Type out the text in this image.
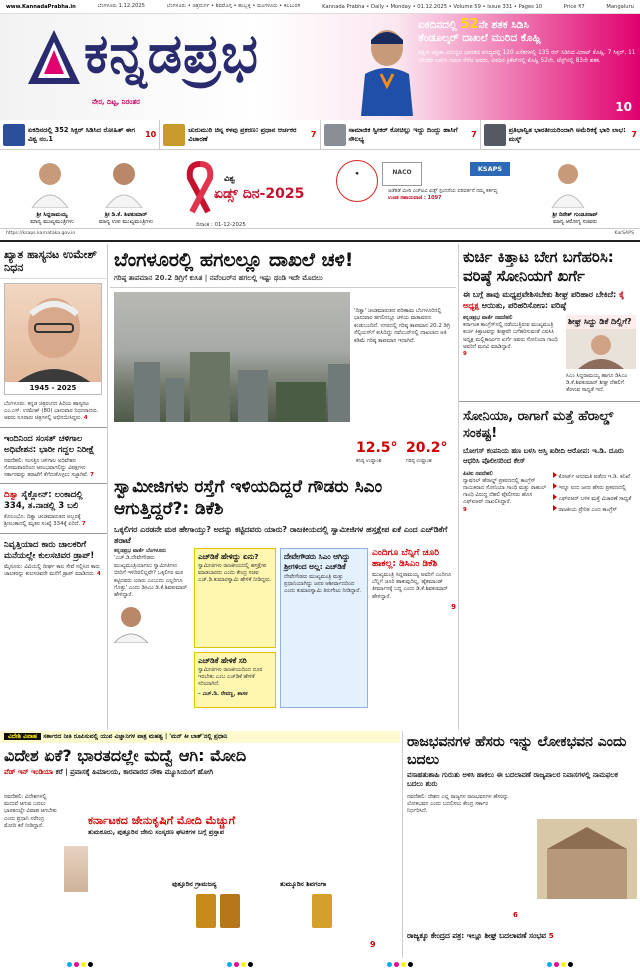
www.KannadaPrabha.in	ಬೆಂಗಳೂರು 1.12.2025	ಬೆಂಗಳೂರು • ಚಿತ್ರದುರ್ಗ • ಶಿವಮೊಗ್ಗ • ಹುಬ್ಬಳ್ಳಿ • ಮಂಗಳೂರು • ಕಲಬುರಗಿ	Kannada Prabha • Daily • Monday • 01.12.2025 • Volume 59 • Issue 331 • Pages 10	Price ₹7	Mangaluru
ಕನ್ನಡಪ್ರಭ
ನೇರ, ದಿಟ್ಟ, ನಿರಂತರ
ಏಕದಿನದಲ್ಲಿ 52ನೇ ಶತಕ ಸಿಡಿಸಿ
ತೆಂಡೂಲ್ಕರ್ ದಾಖಲೆ ಮುರಿದ ಕೊಹ್ಲಿ
ದಕ್ಷಿಣ ಆಫ್ರಿಕಾ ವಿರುದ್ಧದ ಭಾರತದ ಪಂದ್ಯದಲ್ಲಿ 120 ಎಸೆತಗಳಲ್ಲಿ 135 ರನ್ ಸಿಡಿಸಿದ ವಿರಾಟ್ ಕೊಹ್ಲಿ. 7 ಸಿಕ್ಸರ್, 11 ಬೌಂಡರಿ ಬಾರಿಸಿ ಗಮನ ಸೆಳೆದ ಅವರು. ಏಕದಿನ ಕ್ರಿಕೆಟ್‌ನಲ್ಲಿ ಕೊಹ್ಲಿ 52ನೇ, ಟೆಸ್ಟ್‌ನಲ್ಲಿ 83ನೇ ಶತಕ.
10
ಏಕದಿನದಲ್ಲಿ 352 ಸಿಕ್ಸರ್ ಸಿಡಿಸಿದ ರೋಹಿತ್ ಈಗ ವಿಶ್ವ ನಂ.1	10
ಚುರುಮುರಿ ಚಿನ್ನ ಕಳವು ಪ್ರಕರಣ: ಪ್ರಧಾನ ಆರ್ಚಕರ ವಿಚಾರಣೆ	7
ಸಾಮಾಜಿಕ ಸ್ವೀಕರ್ ಕೋಚಿಲ್ಲು ಇದ್ದು ದಿಂದ್ಬು ಹಾಸಿಗೆ ಸೌಲಭ್ಯ	7
ಪ್ರತಿಭಾನ್ವಿತ ಭಾರತೀಯರಿಂದಾಗಿ ಅಮೆರಿಕಕ್ಕೆ ಭಾರಿ ಲಾಭ: ಮಸ್ಕ್	7
ಶ್ರೀ ಸಿದ್ದರಾಮಯ್ಯ
ಮಾನ್ಯ ಮುಖ್ಯಮಂತ್ರಿಗಳು
ಶ್ರೀ ಡಿ.ಕೆ. ಶಿವಕುಮಾರ್
ಮಾನ್ಯ ಉಪ ಮುಖ್ಯಮಂತ್ರಿಗಳು
ವಿಶ್ವ
ಏಡ್ಸ್ ದಿನ-2025
ದಿನಾಂಕ : 01-12-2025
♥	NACO	KSAPS
ಅಡೆತಡೆ ಮೀರಿ ಎಚ್‌ಐವಿ ಏಡ್ಸ್ ಸ್ಪಂದನೆಯ ಪರಿವರ್ತನೆ ನಮ್ಮ ಕರ್ತವ್ಯ
ಉಚಿತ ಸಹಾಯವಾಣಿ : 1097
ಶ್ರೀ ದಿನೇಶ್ ಗುಂಡೂರಾವ್
ಮಾನ್ಯ ಆರೋಗ್ಯ ಸಚಿವರು
https://ksaps.karnataka.gov.in	KarSAPS
ಖ್ಯಾತ ಹಾಸ್ಯನಟ ಉಮೇಶ್ ನಿಧನ
1945 - 2025
ಬೆಂಗಳೂರು: ಕನ್ನಡ ಚಿತ್ರರಂಗದ ಹಿರಿಯ ಹಾಸ್ಯನಟ ಎಂ.ಎಸ್. ಉಮೇಶ್ (80) ಭಾನುವಾರ ನಿಧನರಾದರು. ಅವರು ನೂರಾರು ಚಿತ್ರಗಳಲ್ಲಿ ಅಭಿನಯಿಸಿದ್ದರು. 4
ಇಂದಿನಿಂದ ಸಂಸತ್ ಚಳಿಗಾಲ ಅಧಿವೇಶನ: ಭಾರೀ ಗದ್ದಲ ನಿರೀಕ್ಷೆ
ನವದೆಹಲಿ: ಸಂಸತ್ತಿನ ಚಳಿಗಾಲ ಅಧಿವೇಶನ ಸೋಮವಾರದಿಂದ ಆರಂಭವಾಗಲಿದ್ದು ವಿಪಕ್ಷಗಳು ಸರ್ಕಾರವನ್ನು ತರಾಟೆಗೆ ತೆಗೆದುಕೊಳ್ಳಲು ಸಜ್ಜಾಗಿವೆ. 7
ದಿತ್ವಾ ಸೈಕ್ಲೋನ್: ಲಂಕಾದಲ್ಲಿ 334, ತ.ನಾಡಲ್ಲಿ 3 ಬಲಿ
ಕೊಲಂಬೊ: ದಿತ್ವಾ ಚಂಡಮಾರುತದ ಅಬ್ಬರಕ್ಕೆ ಶ್ರೀಲಂಕಾದಲ್ಲಿ ಮೃತರ ಸಂಖ್ಯೆ 334ಕ್ಕೆ ಏರಿದೆ. 7
ನಿವೃತ್ತಿಯಾದ ಕಾರು ಚಾಲಕರಿಗೆ ಮನೆಯಲ್ಲೇ ಕುಲಸಚಿವರ ಡ್ರಾಪ್!
ಮೈಸೂರು: ವಿವಿಯಲ್ಲಿ ದೀರ್ಘ ಕಾಲ ಸೇವೆ ಸಲ್ಲಿಸಿದ ಕಾರು ಚಾಲಕರನ್ನು ಕುಲಸಚಿವರೇ ಮನೆಗೆ ಡ್ರಾಪ್ ಮಾಡಿದರು. 4
ಬೆಂಗಳೂರಲ್ಲಿ ಹಗಲಲ್ಲೂ ದಾಖಲೆ ಚಳಿ!
ಗರಿಷ್ಠ ತಾಪಮಾನ 20.2 ಡಿಗ್ರಿಗೆ ಕುಸಿತ | ನವೆಂಬರ್‌ನ ಹಗಲಲ್ಲಿ ಇಷ್ಟು ಥಂಡಿ ಇದೇ ಮೊದಲು
'ದಿತ್ವಾ' ಚಂಡಮಾರುತದ ಪರಿಣಾಮ ಬೆಂಗಳೂರಿನಲ್ಲಿ ಭಾನುವಾರ ಹಗಲಿನಲ್ಲೂ ಚಳಿಯ ವಾತಾವರಣ ಕಂಡುಬಂದಿದೆ. ನಗರದಲ್ಲಿ ಗರಿಷ್ಠ ತಾಪಮಾನ 20.2 ಡಿಗ್ರಿ ಸೆಲ್ಸಿಯಸ್‌ಗೆ ಕುಸಿದಿದ್ದು ನವೆಂಬರ್‌ನಲ್ಲಿ ದಾಖಲಾದ ಅತಿ ಕಡಿಮೆ ಗರಿಷ್ಠ ತಾಪಮಾನ ಇದಾಗಿದೆ.
12.5°
ಕನಿಷ್ಠ ಉಷ್ಣಾಂಶ
20.2°
ಗರಿಷ್ಠ ಉಷ್ಣಾಂಶ
ಸ್ವಾಮೀಜಿಗಳು ರಸ್ತೆಗೆ ಇಳಿಯದಿದ್ದರೆ ಗೌಡರು ಸಿಎಂ ಆಗುತ್ತಿದ್ದರೆ?: ಡಿಕೆಶಿ
ಒಕ್ಕಲಿಗರ ಎರಡನೇ ಮಠ ಹೇಗಾಯ್ತು? ಅದನ್ನು ಕಟ್ಟಿದವರು ಯಾರು? ರಾಜಕೀಯದಲ್ಲಿ ಸ್ವಾಮೀಜಿಗಳ ಹಸ್ತಕ್ಷೇಪ ಏಕೆ ಎಂದ ಎಚ್‌ಡಿಕೆಗೆ ತರಾಟೆ
ಕನ್ನಡಪ್ರಭ ವಾರ್ತೆ ಬೆಂಗಳೂರು
'ಎಚ್.ಡಿ.ದೇವೇಗೌಡರು ಮುಖ್ಯಮಂತ್ರಿಯಾಗಲು ಸ್ವಾಮೀಜಿಗಳು ಬೀದಿಗೆ ಇಳಿದಿರಲಿಲ್ಲವೇ? ಒಕ್ಕಲಿಗರ ಮಠ ಕಟ್ಟಿದವರು ಯಾರು ಎಂಬುದು ಎಲ್ಲರಿಗೂ ಗೊತ್ತು' ಎಂದು ಡಿಸಿಎಂ ಡಿ.ಕೆ.ಶಿವಕುಮಾರ್ ಹೇಳಿದ್ದಾರೆ.
ಎಚ್‌ಡಿಕೆ ಹೇಳಿದ್ದು ಏನು?
ಸ್ವಾಮೀಜಿಗಳು ರಾಜಕೀಯದಲ್ಲಿ ಹಸ್ತಕ್ಷೇಪ ಮಾಡಬಾರದು ಎಂದು ಕೇಂದ್ರ ಸಚಿವ ಎಚ್.ಡಿ.ಕುಮಾರಸ್ವಾಮಿ ಹೇಳಿಕೆ ನೀಡಿದ್ದರು.
ಎಚ್‌ಡಿಕೆ ಹೇಳಿಕೆ ಸರಿ
ಸ್ವಾಮೀಜಿಗಳು ರಾಜಕೀಯದಿಂದ ದೂರ ಇರಬೇಕು ಎಂಬ ಎಚ್‌ಡಿಕೆ ಹೇಳಿಕೆ ಸರಿಯಾಗಿದೆ.
– ಎಚ್.ಡಿ. ರೇವಣ್ಣ, ಶಾಸಕ
ದೇವೇಗೌಡರು ಸಿಎಂ ಆಗಿದ್ದು ಶ್ರೀಗಳಿಂದ ಅಲ್ಲ: ಎಚ್‌ಡಿಕೆ
ದೇವೇಗೌಡರು ಮುಖ್ಯಮಂತ್ರಿ ಮತ್ತು ಪ್ರಧಾನಿಯಾಗಿದ್ದು ಜನರ ಆಶೀರ್ವಾದದಿಂದ ಎಂದು ಕುಮಾರಸ್ವಾಮಿ ತಿರುಗೇಟು ನೀಡಿದ್ದಾರೆ.
ಎಂದಿಗೂ ಬೆನ್ನಿಗೆ ಚೂರಿ ಹಾಕಲ್ಲ: ಡಿಸಿಎಂ ಡಿಕೆಶಿ
ಮುಖ್ಯಮಂತ್ರಿ ಸಿದ್ದರಾಮಯ್ಯ ಅವರಿಗೆ ಎಂದಿಗೂ ಬೆನ್ನಿಗೆ ಚೂರಿ ಹಾಕುವುದಿಲ್ಲ, ಹೈಕಮಾಂಡ್ ತೀರ್ಮಾನಕ್ಕೆ ಬದ್ಧ ಎಂದು ಡಿ.ಕೆ.ಶಿವಕುಮಾರ್ ಹೇಳಿದ್ದಾರೆ.
9
ಕುರ್ಚಿ ಕಿತ್ತಾಟ ಬೇಗ ಬಗೆಹರಿಸಿ: ವರಿಷ್ಠೆ ಸೋನಿಯಗೆ ಖರ್ಗೆ
ಈ ಬಗ್ಗೆ ತಾವು ಮಧ್ಯಪ್ರವೇಶಿಸಬೇಕು ಶೀಘ್ರ ಪರಿಹಾರ ಬೇಕಿದೆ: ಕೈ ಅಧ್ಯಕ್ಷ ಆಯಿತು, ಪರಿಹರಿಸೋಣ: ವರಿಷ್ಠೆ
ಕನ್ನಡಪ್ರಭ ವಾರ್ತೆ ನವದೆಹಲಿ
ಕರ್ನಾಟಕ ಕಾಂಗ್ರೆಸ್‌ನಲ್ಲಿ ನಡೆಯುತ್ತಿರುವ ಮುಖ್ಯಮಂತ್ರಿ ಕುರ್ಚಿ ಕಿತ್ತಾಟವನ್ನು ಶೀಘ್ರವೇ ಬಗೆಹರಿಸುವಂತೆ ಎಐಸಿಸಿ ಅಧ್ಯಕ್ಷ ಮಲ್ಲಿಕಾರ್ಜುನ ಖರ್ಗೆ ಅವರು ಸೋನಿಯಾ ಗಾಂಧಿ ಅವರಿಗೆ ಮನವಿ ಮಾಡಿದ್ದಾರೆ.
9
ಶೀಘ್ರ ಸಿದ್ದು ಡಿಕೆ ದಿಲ್ಲಿಗೆ?
ಸಿಎಂ ಸಿದ್ದರಾಮಯ್ಯ ಹಾಗೂ ಡಿಸಿಎಂ ಡಿ.ಕೆ.ಶಿವಕುಮಾರ್ ಶೀಘ್ರ ದೆಹಲಿಗೆ ತೆರಳುವ ಸಾಧ್ಯತೆ ಇದೆ.
ಸೋನಿಯಾ, ರಾಗಾಗೆ ಮತ್ತೆ ಹೆರಾಲ್ಡ್ ಸಂಕಷ್ಟ!
ಬೋಗಸ್ ಕಂಪನಿಯ ಹಣ ಬಳಸಿ ಆಸ್ತಿ ಖರೀದಿ ಆರೋಪ: ಇ.ಡಿ. ದೂರು ಆಧರಿಸಿ ಪೊಲೀಸರಿಂದ ಕೇಸ್
ಪಿಟಿಐ ನವದೆಹಲಿ
ನ್ಯಾಷನಲ್ ಹೆರಾಲ್ಡ್ ಪ್ರಕರಣದಲ್ಲಿ ಕಾಂಗ್ರೆಸ್ ನಾಯಕರಾದ ಸೋನಿಯಾ ಗಾಂಧಿ ಮತ್ತು ರಾಹುಲ್ ಗಾಂಧಿ ವಿರುದ್ಧ ದೆಹಲಿ ಪೊಲೀಸರು ಹೊಸ ಎಫ್‌ಐಆರ್ ದಾಖಲಿಸಿದ್ದಾರೆ.
9
ಕೋರ್ಟ್ ಅನುಮತಿ ಪಡೆದು ಇ.ಡಿ. ತನಿಖೆ
ಇನ್ನೂ ಐದು ಜನರ ಹೆಸರು ಪ್ರಕರಣದಲ್ಲಿ
ಎಫ್‌ಐಆರ್ ಬಳಿಕ ಮತ್ತೆ ವಿಚಾರಣೆ ಸಾಧ್ಯತೆ
ರಾಜಕೀಯ ಪ್ರೇರಿತ ಎಂದ ಕಾಂಗ್ರೆಸ್
ವಿದೇಶಿ ವಿವಾಹ ಸರ್ಕಾರದ ನೀತಿ ರೂಪಿಸುವಲ್ಲಿ ಯುವ ವಿಜ್ಞಾನಿಗಳ ಪಾತ್ರ ಮಹತ್ವ | 'ಮನ್ ಕೀ ಬಾತ್'ನಲ್ಲಿ ಪ್ರಧಾನಿ
ವಿದೇಶ ಏಕೆ? ಭಾರತದಲ್ಲೇ ಮದ್ವೆ ಆಗಿ: ಮೋದಿ
ವೆಡ್ ಇನ್ ಇಂಡಿಯಾ ಕರೆ | ಪ್ರವಾಸಕ್ಕೆ ಹಿಮಾಲಯ, ಕಾರವಾರದ ನೌಕಾ ಮ್ಯೂಸಿಯಂಗೆ ಹೋಗಿ
ನವದೆಹಲಿ: ವಿದೇಶಗಳಲ್ಲಿ ಮದುವೆ ಆಗುವ ಬದಲು ಭಾರತದಲ್ಲೇ ವಿವಾಹ ಆಗಬೇಕು ಎಂದು ಪ್ರಧಾನಿ ನರೇಂದ್ರ ಮೋದಿ ಕರೆ ನೀಡಿದ್ದಾರೆ.	ಕರ್ನಾಟಕದ ಜೇನುಕೃಷಿಗೆ ಮೋದಿ ಮೆಚ್ಚುಗೆ
ತುಮಕೂರು, ಪುತ್ತೂರಿನ ಜೇನು ಸಂಸ್ಕರಣ ಘಟಕಗಳ ಬಗ್ಗೆ ಪ್ರಸ್ತಾಪ
ಪುತ್ತೂರಿನ ಗ್ರಾಮಜನ್ಯ	ತುಮ್ಕೂರಿನ ಶಿವಗಂಗಾ
9
ರಾಜಭವನಗಳ ಹೆಸರು ಇನ್ನು ಲೋಕಭವನ ಎಂದು ಬದಲು
ವಸಾಹತುಶಾಹಿ ಗುರುತು ಅಳಿಸಿ ಹಾಕಲು ಈ ಬದಲಾವಣೆ ರಾಜ್ಯಪಾಲರ ನಿವಾಸಗಳಲ್ಲಿ ನಾಮಫಲಕ ಬದಲು ಶುರು
ನವದೆಹಲಿ: ದೇಶದ ಎಲ್ಲ ರಾಜ್ಯಗಳ ರಾಜಭವನಗಳ ಹೆಸರನ್ನು ಲೋಕಭವನ ಎಂದು ಬದಲಿಸಲು ಕೇಂದ್ರ ಸರ್ಕಾರ ನಿರ್ಧರಿಸಿದೆ.
6
ರಾಜ್ಯಕ್ಕೂ ಕೇಂದ್ರದ ಪತ್ರ: ಇಲ್ಲೂ ಶೀಘ್ರ ಬದಲಾವಣೆ ಸಂಭವ 5
